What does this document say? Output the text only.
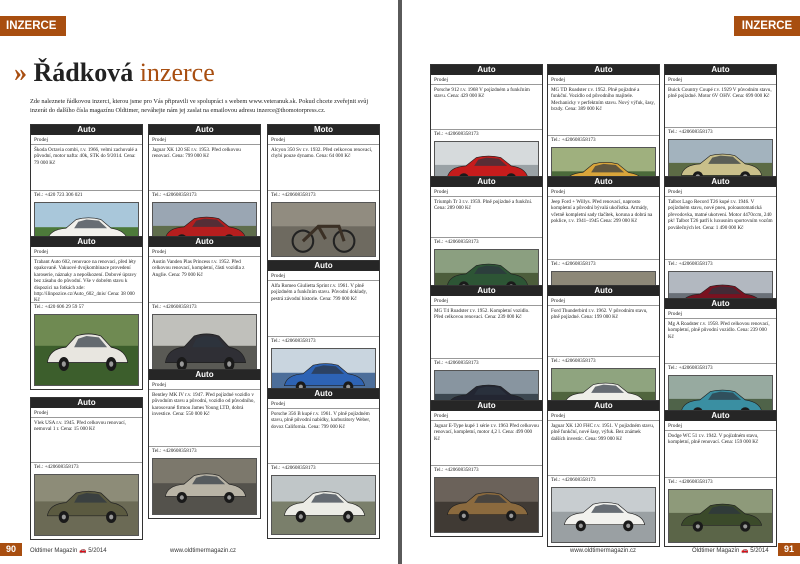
INZERCE
» Řádková inzerce
Zde naleznete řádkovou inzerci, kterou jsme pro Vás připravili ve spolupráci s webem www.veteranuk.sk. Pokud chcete zveřejnit svůj inzerát do dalšího čísla magazínu Oldtimer, neváhejte nám jej zaslat na emailovou adresu inzerce@thomotorpress.cz.
90	Oldtimer Magazín 🚗 5/2014	www.oldtimermagazin.cz
INZERCE
www.oldtimermagazin.cz	Oldtimer Magazín 🚗 5/2014	91
Auto
Prodej
Škoda Octavia combi, r.v. 1966, velmi zachovalé a původní, motor nafta: 40k, STK do 9/2014. Cena: 79 000 Kč
Tel.: +420 723 306 021
Auto
Prodej
Trabant Auto 602, renovace na renovaci, před léty opakovaně. Vakuové dvojkombinace provedení karoserie, náznaky a nepoškození. Dobové úpravy bez zásahu do původní. Vše v dobrém stavu k dispozici na fotkách zde: http://ilinpozice.cz/Auto_602_4nis/ Cena: 38 000 Kč
Tel.: +420 606 29 59 57
Auto
Prodej
Vlek USA r.v. 1945. Před celkovou renovací, nemoval 1 r. Cena: 15 000 Kč
Tel.: +420608358173
Auto
Prodej
Jaguar XK 120 SE r.v. 1953. Před celkovou renovací. Cena: 799 000 Kč
Tel.: +420608358173
Auto
Prodej
Austin Vanden Plas Princess r.v. 1952. Před celkovou renovací, kompletní, části vozidla z Anglie. Cena: 79 000 Kč
Tel.: +420608358173
Auto
Prodej
Bentley MK IV r.v. 1947. Před pojízdné vozidlo v původním stavu a původní, vozidlo od původního, karosované firmou James Young LTD, dobrá investice. Cena: 550 000 Kč
Tel.: +420608358173
Moto
Prodej
Alcyon 350 Sv r.v. 1932. Před celkovou renovací, chybí pouze dynamo. Cena: 64 000 Kč
Tel.: +420608358173
Auto
Prodej
Alfa Romeo Giulietta Sprint r.v. 1961. V plně pojízdném a funkčním stavu. Původní doklady, pestrá závodní historie. Cena: 799 000 Kč
Tel.: +420608358173
Auto
Prodej
Porsche 356 B kupé r.v. 1961. V plně pojízdném stavu, plně původní nabídky, karburátory Weber, dovoz California. Cena: 799 000 Kč
Tel.: +420608358173
Auto
Prodej
Porsche 912 r.v. 1968 V pojízdném a funkčním stavu. Cena: 429 000 Kč
Tel.: +420608358173
Auto
Prodej
Triumph Tr 3 r.v. 1959. Plně pojízdné a funkční. Cena: 289 000 Kč
Tel.: +420608358173
Auto
Prodej
MG T4 Roadster r.v. 1952. Kompletní vozidlo. Před celkovou renovací. Cena: 239 000 Kč
Tel.: +420608358173
Auto
Prodej
Jaguar E-Type kupé 1 série r.v. 1963 Před celkovou renovací, kompletní, motor 4,2 l. Cena: 499 000 Kč
Tel.: +420608358173
Auto
Prodej
MG TD Roadster r.v. 1952. Plně pojízdné a funkční. Vozidlo od původního majitele. Mechanicky v perfektním stavu. Nový výfuk, šasy, brzdy. Cena: 389 000 Kč
Tel.: +420608358173
Auto
Prodej
Jeep Ford + Willys. Před renovací, naprosto kompletní a původní bývalá ukořistka. Armády, včetně kompletní sady tlačítek, koruna a dobrá na poklice, r.v. 1941–1945 Cena: 299 000 Kč
Tel.: +420608358173
Auto
Prodej
Ford Thunderbird r.v. 1962. V původním stavu, plně pojízdné. Cena: 199 000 Kč
Tel.: +420608358173
Auto
Prodej
Jaguar XK 120 FHC r.v. 1951. V pojízdném stavu, plně funkční, nové šasy, výfuk. Bez známek dalších investic. Cena: 999 000 Kč
Tel.: +420608358173
Auto
Prodej
Buick Country Coupé r.v. 1929 V původním stavu, plně pojízdné. Motor 6V OHV. Cena: 699 000 Kč
Tel.: +420608358173
Auto
Prodej
Talbot Lago Record T26 kupé r.v. 1946. V pojízdném stavu, nové pneu, poloautomatická převodovka, matné ukotvení. Motor 4470ccm, 240 pk! Talbot T26 patří k luxusním sportovním vozům poválečných let. Cena: 1 490 000 Kč
Tel.: +420608358173
Auto
Prodej
Mg A Roadster r.v. 1958. Před celkovou renovací, kompletní, plně původní vozidlo. Cena: 239 000 Kč
Tel.: +420608358173
Auto
Prodej
Dodge WC 51 r.v. 1942. V pojízdném stavu, kompletní, plně renovací. Cena: 159 000 Kč
Tel.: +420608358173
